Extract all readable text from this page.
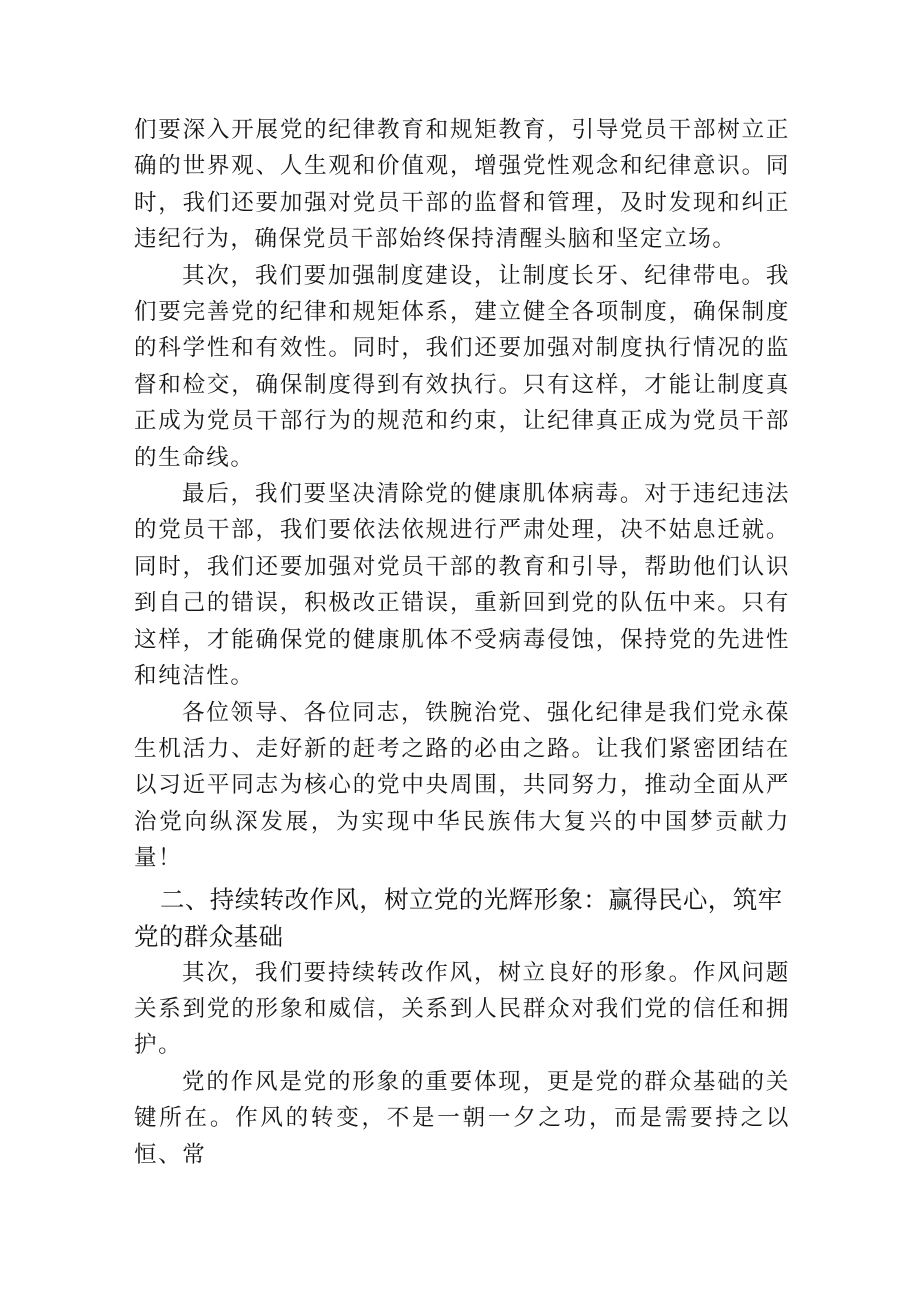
们要深入开展党的纪律教育和规矩教育，引导党员干部树立正确的世界观、人生观和价值观，增强党性观念和纪律意识。同时，我们还要加强对党员干部的监督和管理，及时发现和纠正违纪行为，确保党员干部始终保持清醒头脑和坚定立场。

其次，我们要加强制度建设，让制度长牙、纪律带电。我们要完善党的纪律和规矩体系，建立健全各项制度，确保制度的科学性和有效性。同时，我们还要加强对制度执行情况的监督和检交，确保制度得到有效执行。只有这样，才能让制度真正成为党员干部行为的规范和约束，让纪律真正成为党员干部的生命线。

最后，我们要坚决清除党的健康肌体病毒。对于违纪违法的党员干部，我们要依法依规进行严肃处理，决不姑息迁就。同时，我们还要加强对党员干部的教育和引导，帮助他们认识到自己的错误，积极改正错误，重新回到党的队伍中来。只有这样，才能确保党的健康肌体不受病毒侵蚀，保持党的先进性和纯洁性。

各位领导、各位同志，铁腕治党、强化纪律是我们党永葆生机活力、走好新的赶考之路的必由之路。让我们紧密团结在以习近平同志为核心的党中央周围，共同努力，推动全面从严治党向纵深发展，为实现中华民族伟大复兴的中国梦贡献力量！

二、持续转改作风，树立党的光辉形象：赢得民心，筑牢党的群众基础

其次，我们要持续转改作风，树立良好的形象。作风问题关系到党的形象和威信，关系到人民群众对我们党的信任和拥护。

党的作风是党的形象的重要体现，更是党的群众基础的关键所在。作风的转变，不是一朝一夕之功，而是需要持之以恒、常
